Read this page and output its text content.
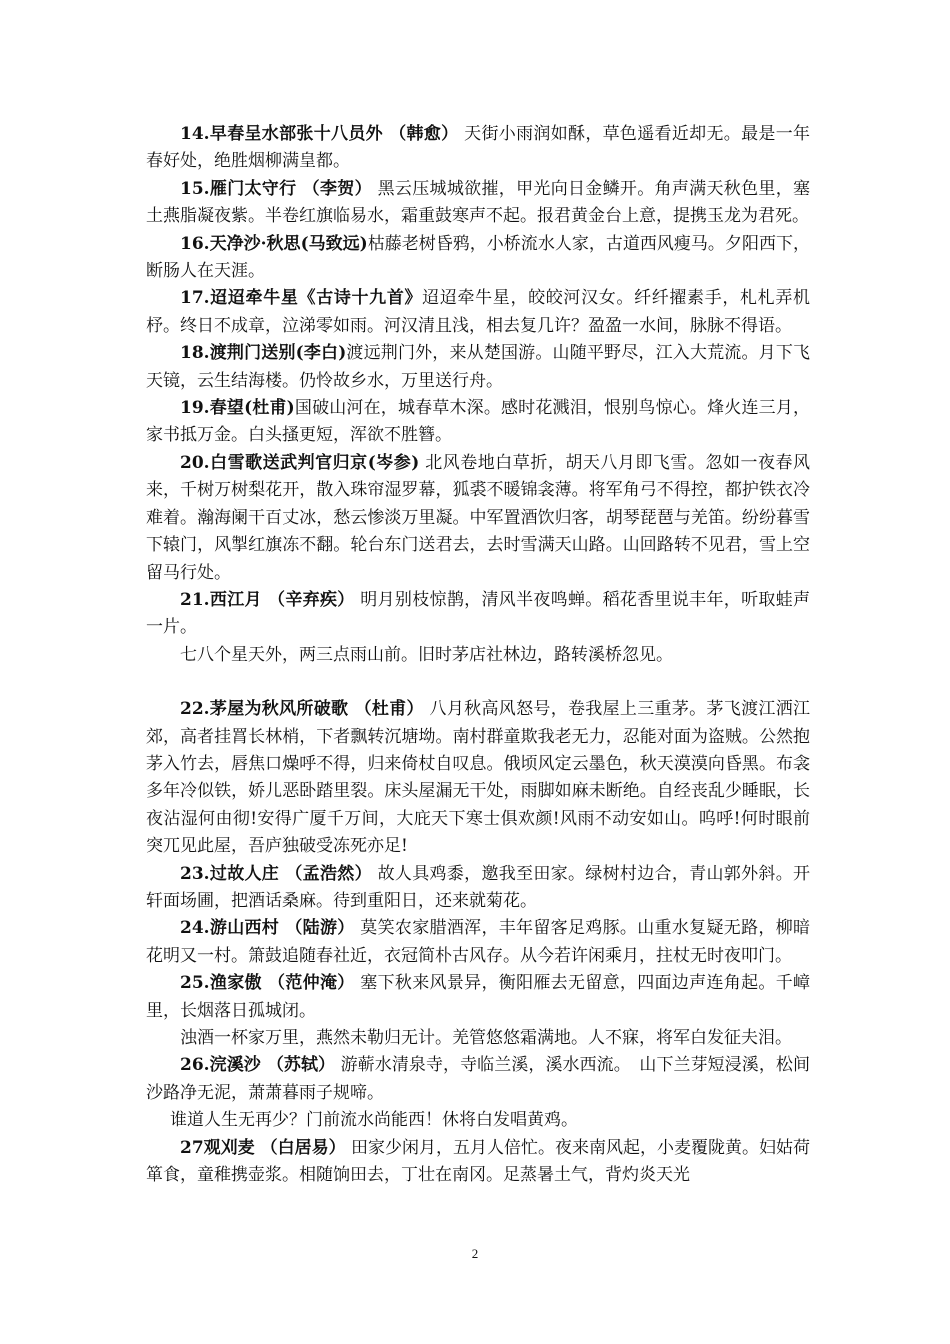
14.早春呈水部张十八员外 （韩愈） 天街小雨润如酥，草色遥看近却无。最是一年春好处，绝胜烟柳满皇都。

15.雁门太守行 （李贺） 黑云压城城欲摧，甲光向日金鳞开。角声满天秋色里，塞土燕脂凝夜紫。半卷红旗临易水，霜重鼓寒声不起。报君黄金台上意，提携玉龙为君死。

16.天净沙·秋思(马致远)枯藤老树昏鸦，小桥流水人家，古道西风瘦马。夕阳西下，断肠人在天涯。

17.迢迢牵牛星《古诗十九首》迢迢牵牛星，皎皎河汉女。纤纤擢素手，札札弄机杼。终日不成章，泣涕零如雨。河汉清且浅，相去复几许？盈盈一水间，脉脉不得语。

18.渡荆门送别(李白)渡远荆门外，来从楚国游。山随平野尽，江入大荒流。月下飞天镜，云生结海楼。仍怜故乡水，万里送行舟。

19.春望(杜甫)国破山河在，城春草木深。感时花溅泪，恨别鸟惊心。烽火连三月，家书抵万金。白头搔更短，浑欲不胜簪。

20.白雪歌送武判官归京(岑参) 北风卷地白草折，胡天八月即飞雪。忽如一夜春风来，千树万树梨花开，散入珠帘湿罗幕，狐裘不暖锦衾薄。将军角弓不得控，都护铁衣冷难着。瀚海阑干百丈冰，愁云惨淡万里凝。中军置酒饮归客，胡琴琵琶与羌笛。纷纷暮雪下辕门，风掣红旗冻不翻。轮台东门送君去，去时雪满天山路。山回路转不见君，雪上空留马行处。

21.西江月 （辛弃疾） 明月别枝惊鹊，清风半夜鸣蝉。稻花香里说丰年，听取蛙声一片。

七八个星天外，两三点雨山前。旧时茅店社林边，路转溪桥忽见。

22.茅屋为秋风所破歌 （杜甫） 八月秋高风怒号，卷我屋上三重茅。茅飞渡江洒江郊，高者挂罥长林梢，下者飘转沉塘坳。南村群童欺我老无力，忍能对面为盗贼。公然抱茅入竹去，唇焦口燥呼不得，归来倚杖自叹息。俄顷风定云墨色，秋天漠漠向昏黑。布衾多年冷似铁，娇儿恶卧踏里裂。床头屋漏无干处，雨脚如麻未断绝。自经丧乱少睡眠，长夜沾湿何由彻!安得广厦千万间，大庇天下寒士俱欢颜!风雨不动安如山。呜呼!何时眼前突兀见此屋，吾庐独破受冻死亦足!

23.过故人庄 （孟浩然） 故人具鸡黍，邀我至田家。绿树村边合，青山郭外斜。开轩面场圃，把酒话桑麻。待到重阳日，还来就菊花。

24.游山西村 （陆游） 莫笑农家腊酒浑，丰年留客足鸡豚。山重水复疑无路，柳暗花明又一村。箫鼓追随春社近，衣冠简朴古风存。从今若许闲乘月，拄杖无时夜叩门。

25.渔家傲 （范仲淹） 塞下秋来风景异，衡阳雁去无留意，四面边声连角起。千嶂里，长烟落日孤城闭。

浊酒一杯家万里，燕然未勒归无计。羌管悠悠霜满地。人不寐，将军白发征夫泪。

26.浣溪沙 （苏轼） 游蕲水清泉寺，寺临兰溪，溪水西流。　山下兰芽短浸溪，松间沙路净无泥，萧萧暮雨子规啼。

谁道人生无再少？门前流水尚能西！休将白发唱黄鸡。

27观刈麦 （白居易） 田家少闲月，五月人倍忙。夜来南风起，小麦覆陇黄。妇姑荷箪食，童稚携壶浆。相随饷田去，丁壮在南冈。足蒸暑土气，背灼炎天光

2
